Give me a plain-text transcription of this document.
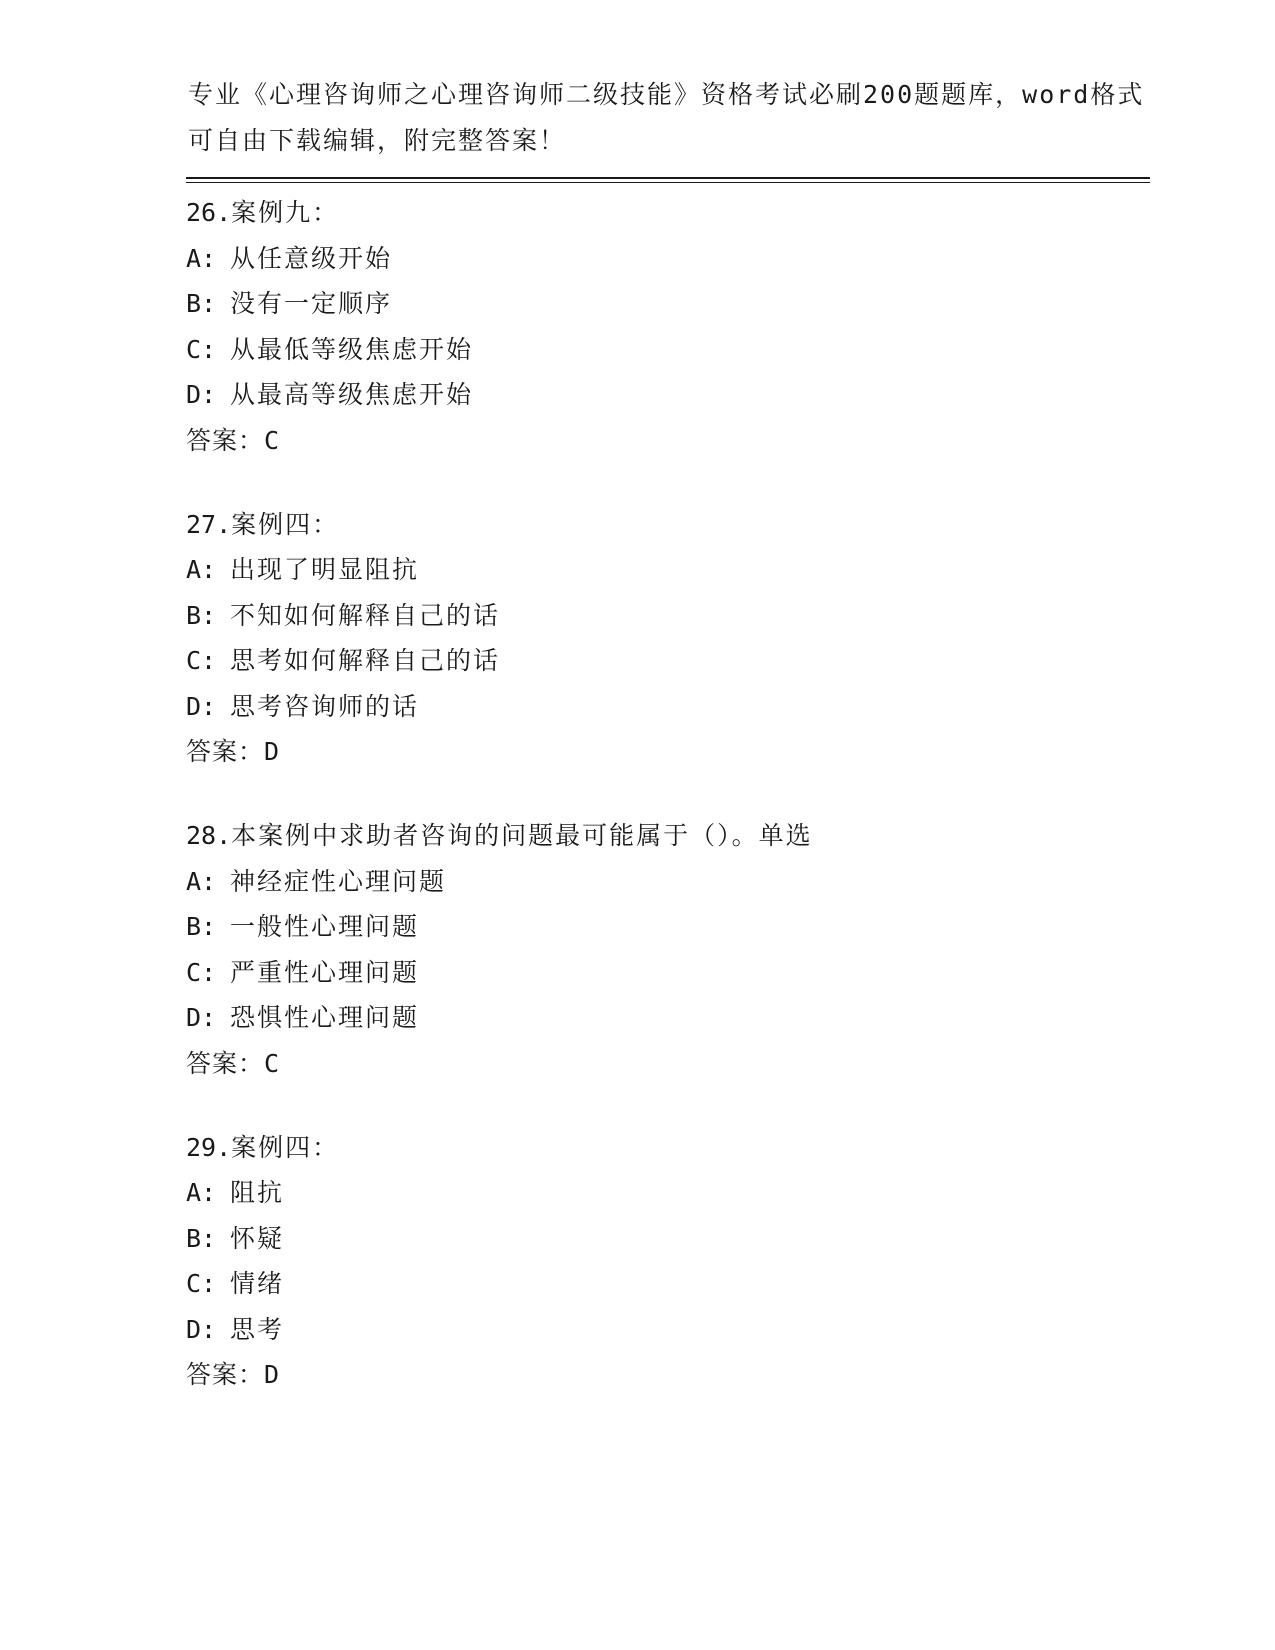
专业《心理咨询师之心理咨询师二级技能》资格考试必刷200题题库，word格式
可自由下载编辑，附完整答案！
26.案例九：
A: 从任意级开始
B: 没有一定顺序
C: 从最低等级焦虑开始
D: 从最高等级焦虑开始
答案：C
27.案例四：
A: 出现了明显阻抗
B: 不知如何解释自己的话
C: 思考如何解释自己的话
D: 思考咨询师的话
答案：D
28.本案例中求助者咨询的问题最可能属于（）。单选
A: 神经症性心理问题
B: 一般性心理问题
C: 严重性心理问题
D: 恐惧性心理问题
答案：C
29.案例四：
A: 阻抗
B: 怀疑
C: 情绪
D: 思考
答案：D
